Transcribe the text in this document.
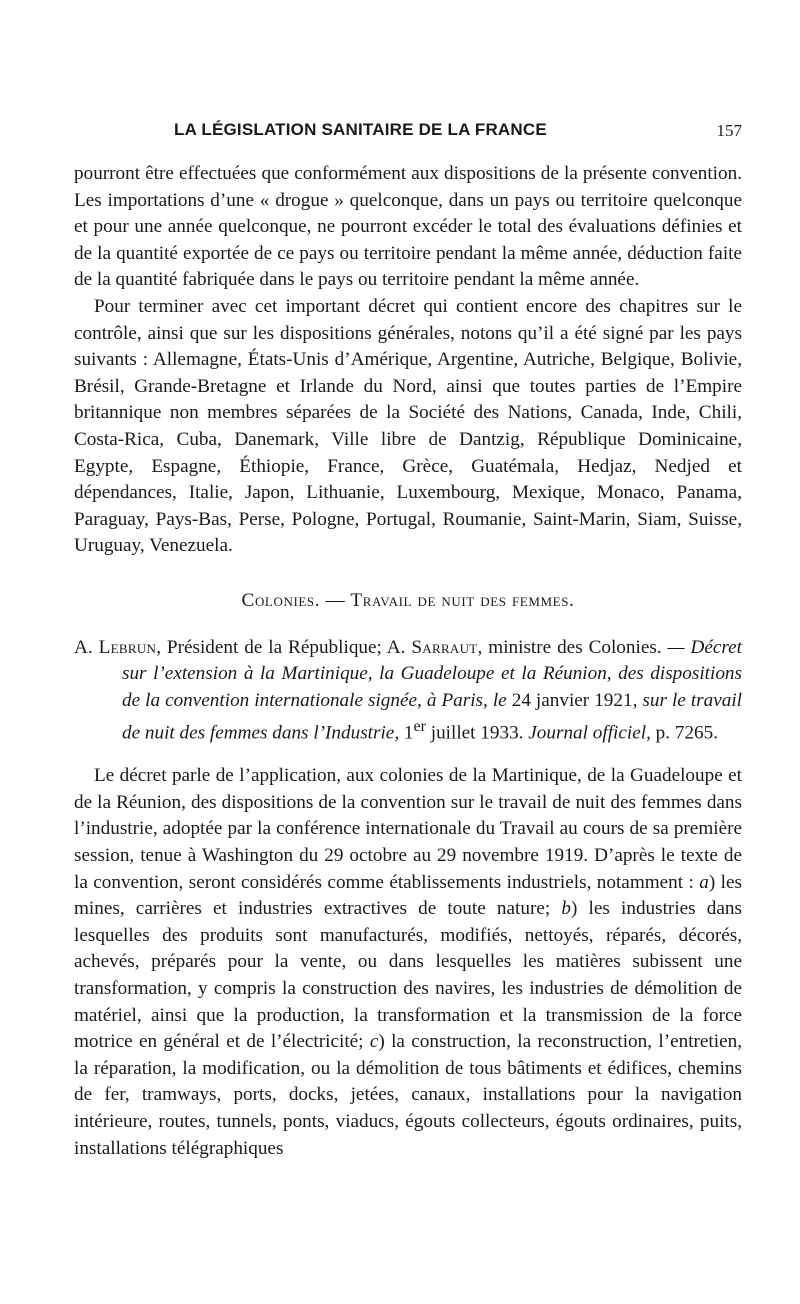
LA LÉGISLATION SANITAIRE DE LA FRANCE	157

pourront être effectuées que conformément aux dispositions de la présente convention. Les importations d’une « drogue » quelconque, dans un pays ou territoire quelconque et pour une année quelconque, ne pourront excéder le total des évaluations définies et de la quantité exportée de ce pays ou territoire pendant la même année, déduction faite de la quantité fabriquée dans le pays ou territoire pendant la même année.

Pour terminer avec cet important décret qui contient encore des chapitres sur le contrôle, ainsi que sur les dispositions générales, notons qu’il a été signé par les pays suivants : Allemagne, États-Unis d’Amérique, Argentine, Autriche, Belgique, Bolivie, Brésil, Grande-Bretagne et Irlande du Nord, ainsi que toutes parties de l’Empire britannique non membres séparées de la Société des Nations, Canada, Inde, Chili, Costa-Rica, Cuba, Danemark, Ville libre de Dantzig, République Dominicaine, Egypte, Espagne, Éthiopie, France, Grèce, Guatémala, Hedjaz, Nedjed et dépendances, Italie, Japon, Lithuanie, Luxembourg, Mexique, Monaco, Panama, Paraguay, Pays-Bas, Perse, Pologne, Portugal, Roumanie, Saint-Marin, Siam, Suisse, Uruguay, Venezuela.

Colonies. — Travail de nuit des femmes.

A. Lebrun, Président de la République; A. Sarraut, ministre des Colonies. — Décret sur l’extension à la Martinique, la Guadeloupe et la Réunion, des dispositions de la convention internationale signée, à Paris, le 24 janvier 1921, sur le travail de nuit des femmes dans l’Industrie, 1er juillet 1933. Journal officiel, p. 7265.

Le décret parle de l’application, aux colonies de la Martinique, de la Guadeloupe et de la Réunion, des dispositions de la convention sur le travail de nuit des femmes dans l’industrie, adoptée par la conférence internationale du Travail au cours de sa première session, tenue à Washington du 29 octobre au 29 novembre 1919. D’après le texte de la convention, seront considérés comme établissements industriels, notamment : a) les mines, carrières et industries extractives de toute nature; b) les industries dans lesquelles des produits sont manufacturés, modifiés, nettoyés, réparés, décorés, achevés, préparés pour la vente, ou dans lesquelles les matières subissent une transformation, y compris la construction des navires, les industries de démolition de matériel, ainsi que la production, la transformation et la transmission de la force motrice en général et de l’électricité; c) la construction, la reconstruction, l’entretien, la réparation, la modification, ou la démolition de tous bâtiments et édifices, chemins de fer, tramways, ports, docks, jetées, canaux, installations pour la navigation intérieure, routes, tunnels, ponts, viaducs, égouts collecteurs, égouts ordinaires, puits, installations télégraphiques
